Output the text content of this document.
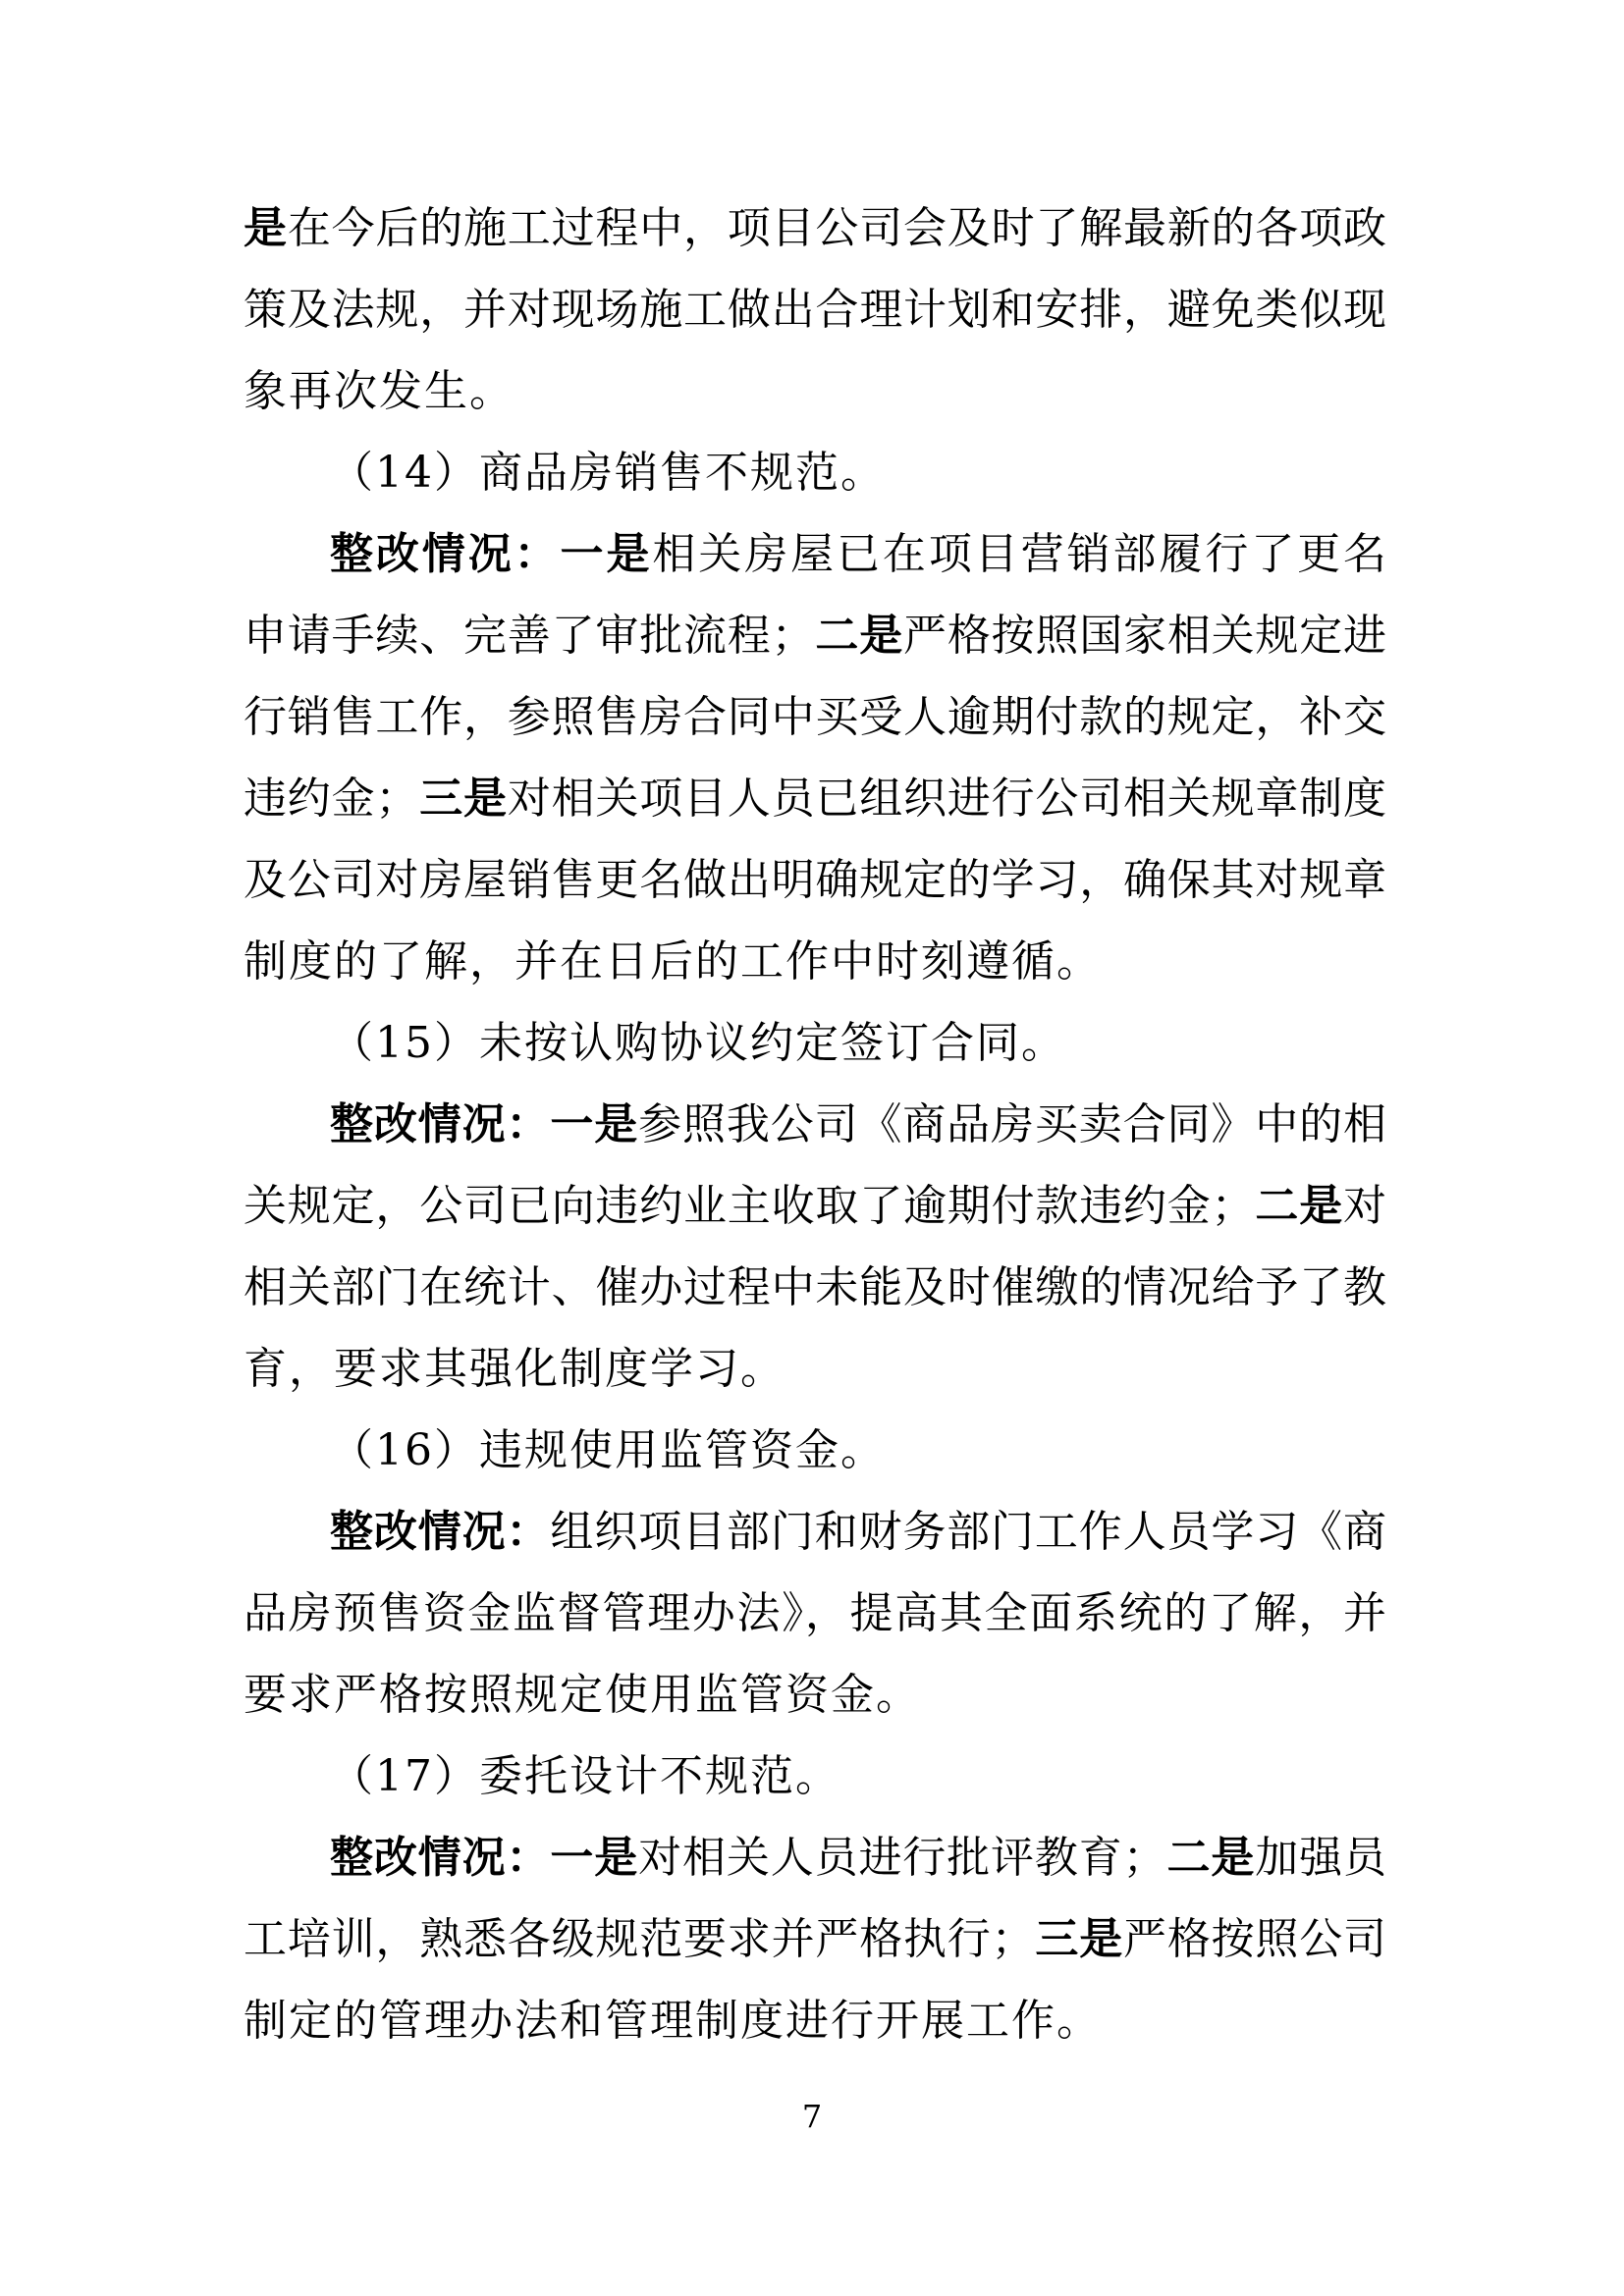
是在今后的施工过程中，项目公司会及时了解最新的各项政
策及法规，并对现场施工做出合理计划和安排，避免类似现
象再次发生。
（14）商品房销售不规范。
整改情况：一是相关房屋已在项目营销部履行了更名
申请手续、完善了审批流程；二是严格按照国家相关规定进
行销售工作，参照售房合同中买受人逾期付款的规定，补交
违约金；三是对相关项目人员已组织进行公司相关规章制度
及公司对房屋销售更名做出明确规定的学习，确保其对规章
制度的了解，并在日后的工作中时刻遵循。
（15）未按认购协议约定签订合同。
整改情况：一是参照我公司《商品房买卖合同》中的相
关规定，公司已向违约业主收取了逾期付款违约金；二是对
相关部门在统计、催办过程中未能及时催缴的情况给予了教
育，要求其强化制度学习。
（16）违规使用监管资金。
整改情况：组织项目部门和财务部门工作人员学习《商
品房预售资金监督管理办法》，提高其全面系统的了解，并
要求严格按照规定使用监管资金。
（17）委托设计不规范。
整改情况：一是对相关人员进行批评教育；二是加强员
工培训，熟悉各级规范要求并严格执行；三是严格按照公司
制定的管理办法和管理制度进行开展工作。
7
